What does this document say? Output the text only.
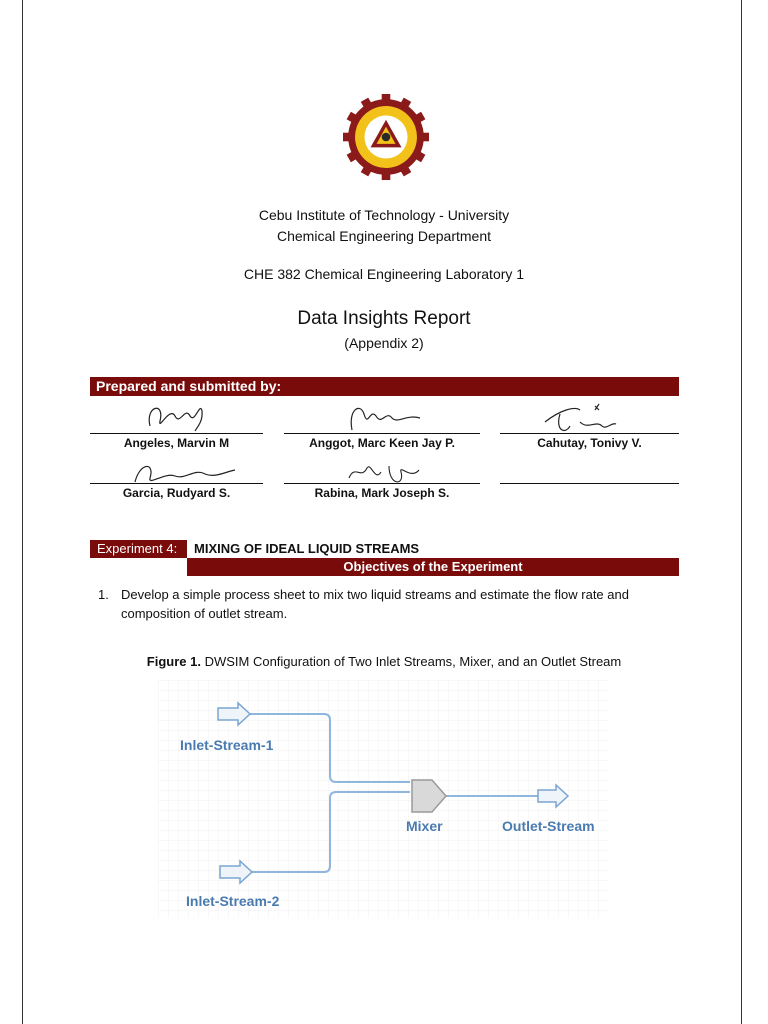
Cebu Institute of Technology - University
Chemical Engineering Department
CHE 382 Chemical Engineering Laboratory 1
Data Insights Report
(Appendix 2)
Prepared and submitted by:
Angeles, Marvin M	Anggot, Marc Keen Jay P.	Cahutay, Tonivy V.
Garcia, Rudyard S.	Rabina, Mark Joseph S.
Experiment 4:	MIXING OF IDEAL LIQUID STREAMS
Objectives of the Experiment
1. Develop a simple process sheet to mix two liquid streams and estimate the flow rate and composition of outlet stream.
Figure 1. DWSIM Configuration of Two Inlet Streams, Mixer, and an Outlet Stream
Inlet-Stream-1
Inlet-Stream-2
Mixer	Outlet-Stream
